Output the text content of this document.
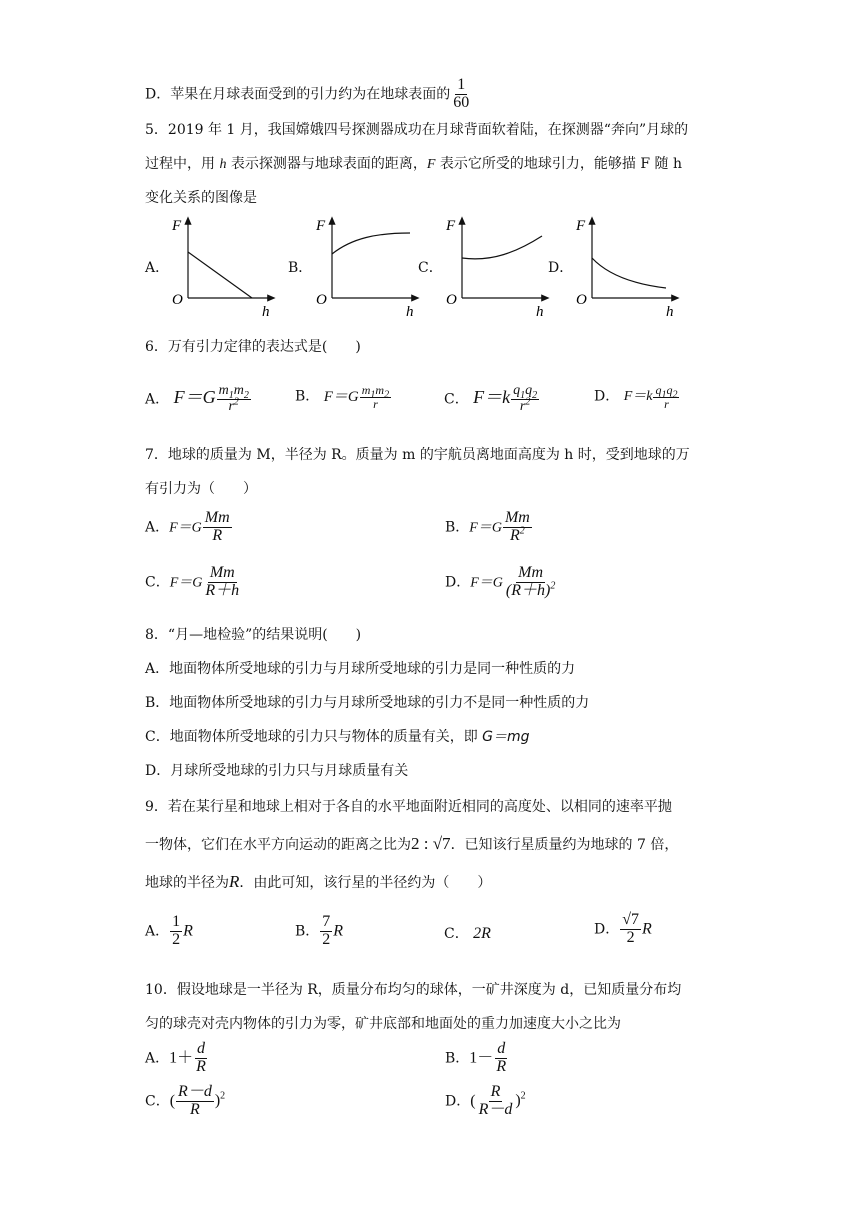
D．苹果在月球表面受到的引力约为在地球表面的 $\frac{1}{60}$
5．2019 年 1 月，我国嫦娥四号探测器成功在月球背面软着陆，在探测器“奔向”月球的
过程中，用 h 表示探测器与地球表面的距离，F 表示它所受的地球引力，能够描 F 随 h
变化关系的图像是
A．	B．	C．	D．
F
O
h
F
O
h
F
O
h
F
O
h
6．万有引力定律的表达式是(　　)
A． $F=G \frac{m_1m_2}{r^2}$	B． $F=G \frac{m_1m_2}{r}$	C． $F=k \frac{q_1q_2}{r^2}$	D． $F=k \frac{q_1q_2}{r}$
7．地球的质量为 M，半径为 R。质量为 m 的宇航员离地面高度为 h 时，受到地球的万
有引力为（　　）
A．$F=G \frac{Mm}{R}$	B．$F=G \frac{Mm}{R^2}$
C．$F=G \frac{Mm}{R+h}$	D．$F=G \frac{Mm}{(R+h)^2}$
8．“月—地检验”的结果说明(　　)
A．地面物体所受地球的引力与月球所受地球的引力是同一种性质的力
B．地面物体所受地球的引力与月球所受地球的引力不是同一种性质的力
C．地面物体所受地球的引力只与物体的质量有关，即 G＝mg
D．月球所受地球的引力只与月球质量有关
9．若在某行星和地球上相对于各自的水平地面附近相同的高度处、以相同的速率平抛
一物体，它们在水平方向运动的距离之比为2 : √7．已知该行星质量约为地球的 7 倍，
地球的半径为R．由此可知，该行星的半径约为（　　）
A． $\frac{1}{2}$ R	B． $\frac{7}{2}$ R	C． 2R	D． $\frac{√7}{2}$ R
10．假设地球是一半径为 R，质量分布均匀的球体，一矿井深度为 d，已知质量分布均
匀的球壳对壳内物体的引力为零，矿井底部和地面处的重力加速度大小之比为
A．$1+ \frac{d}{R}$	B．$1- \frac{d}{R}$
C．( $\frac{R-d}{R} )^2$	D．( $\frac{R}{R-d} )^2$
